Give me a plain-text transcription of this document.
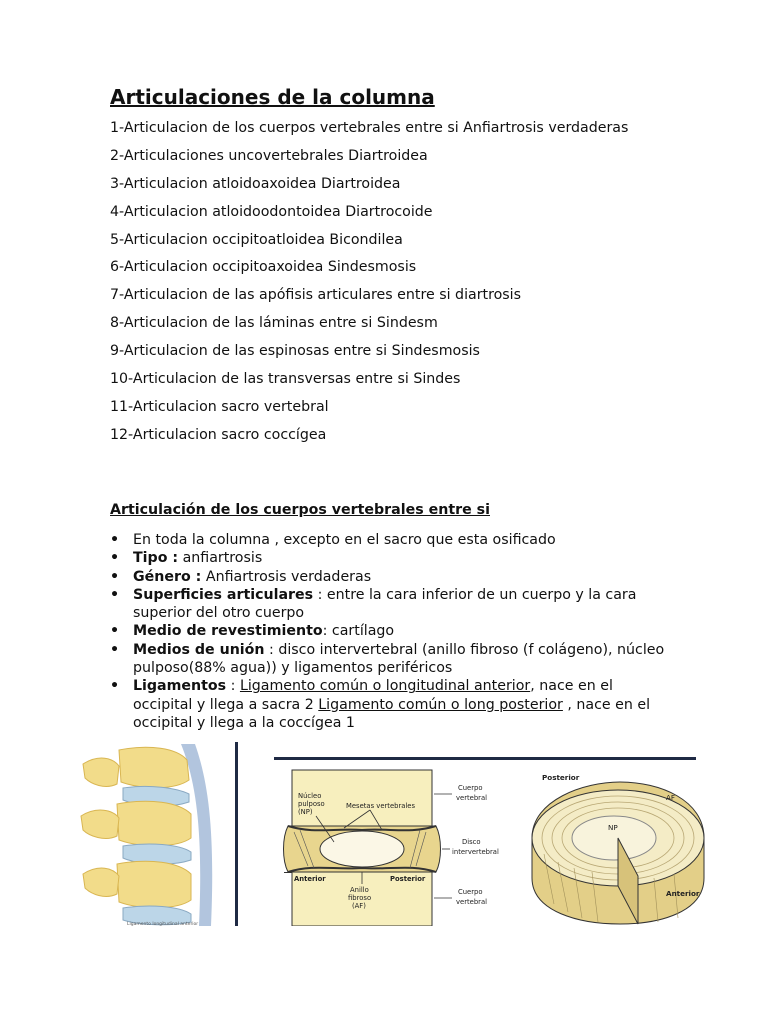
Articulaciones de la columna
1-Articulacion de los cuerpos vertebrales entre si Anfiartrosis verdaderas
2-Articulaciones uncovertebrales Diartroidea
3-Articulacion atloidoaxoidea Diartroidea
4-Articulacion atloidoodontoidea Diartrocoide
5-Articulacion occipitoatloidea Bicondilea
6-Articulacion occipitoaxoidea Sindesmosis
7-Articulacion de las apófisis articulares entre si diartrosis
8-Articulacion de las láminas entre si Sindesm
9-Articulacion de las espinosas entre si Sindesmosis
10-Articulacion de las transversas entre si Sindes
11-Articulacion sacro vertebral
12-Articulacion sacro coccígea
Articulación de los cuerpos vertebrales entre si
• En toda la columna , excepto en el sacro que esta osificado
• Tipo : anfiartrosis
• Género : Anfiartrosis verdaderas
• Superficies articulares : entre la cara inferior de un cuerpo y la cara superior del otro cuerpo
• Medio de revestimiento: cartílago
• Medios de unión : disco intervertebral (anillo fibroso (f colágeno), núcleo pulposo(88% agua)) y ligamentos periféricos
• Ligamentos : Ligamento común o longitudinal anterior, nace en el occipital y llega a sacra 2 Ligamento común o long posterior , nace en el occipital y llega a la coccígea 1
Ligamento longitudinal anterior
Núcleo
pulposo
(NP)
Mesetas vertebrales
Anterior	Posterior
Anillo
fibroso
(AF)
Cuerpo
vertebral
Disco
intervertebral
Cuerpo
vertebral
Posterior
AF
NP
Anterior
